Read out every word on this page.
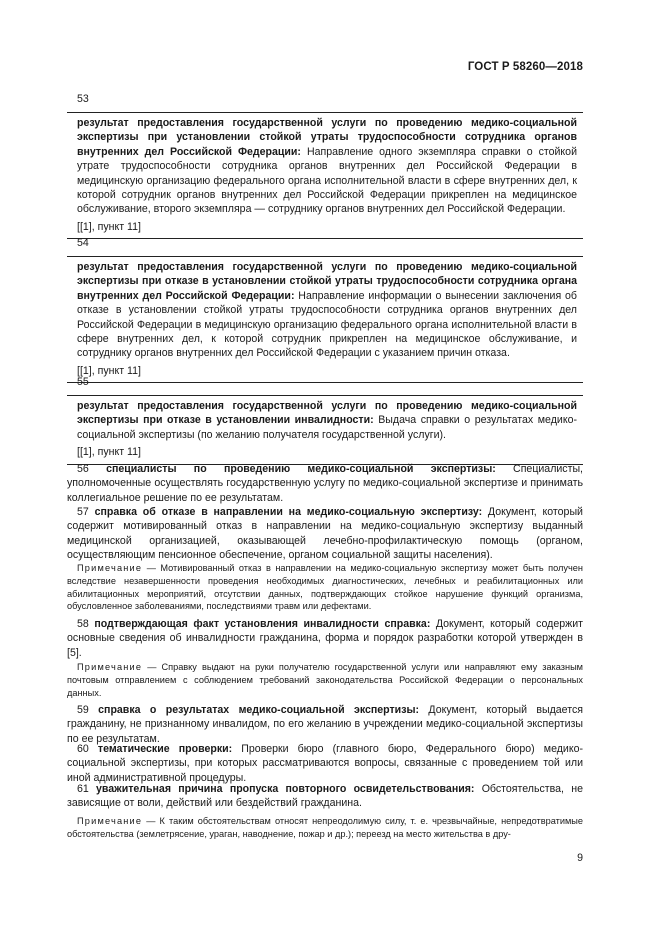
ГОСТ Р 58260—2018
53

результат предоставления государственной услуги по проведению медико-социальной экспертизы при установлении стойкой утраты трудоспособности сотрудника органов внутренних дел Российской Федерации: Направление одного экземпляра справки о стойкой утрате трудоспособности сотрудника органов внутренних дел Российской Федерации в медицинскую организацию федерального органа исполнительной власти в сфере внутренних дел, к которой сотрудник органов внутренних дел Российской Федерации прикреплен на медицинское обслуживание, второго экземпляра — сотруднику органов внутренних дел Российской Федерации.

[[1], пункт 11]
54

результат предоставления государственной услуги по проведению медико-социальной экспертизы при отказе в установлении стойкой утраты трудоспособности сотрудника органа внутренних дел Российской Федерации: Направление информации о вынесении заключения об отказе в установлении стойкой утраты трудоспособности сотрудника органов внутренних дел Российской Федерации в медицинскую организацию федерального органа исполнительной власти в сфере внутренних дел, к которой сотрудник прикреплен на медицинское обслуживание, и сотруднику органов внутренних дел Российской Федерации с указанием причин отказа.

[[1], пункт 11]
55

результат предоставления государственной услуги по проведению медико-социальной экспертизы при отказе в установлении инвалидности: Выдача справки о результатах медико-социальной экспертизы (по желанию получателя государственной услуги).

[[1], пункт 11]

56 специалисты по проведению медико-социальной экспертизы: Специалисты, уполномоченные осуществлять государственную услугу по медико-социальной экспертизе и принимать коллегиальное решение по ее результатам.

57 справка об отказе в направлении на медико-социальную экспертизу: Документ, который содержит мотивированный отказ в направлении на медико-социальную экспертизу выданный медицинской организацией, оказывающей лечебно-профилактическую помощь (органом, осуществляющим пенсионное обеспечение, органом социальной защиты населения).

Примечание — Мотивированный отказ в направлении на медико-социальную экспертизу может быть получен вследствие незавершенности проведения необходимых диагностических, лечебных и реабилитационных или абилитационных мероприятий, отсутствии данных, подтверждающих стойкое нарушение функций организма, обусловленное заболеваниями, последствиями травм или дефектами.

58 подтверждающая факт установления инвалидности справка: Документ, который содержит основные сведения об инвалидности гражданина, форма и порядок разработки которой утвержден в [5].

Примечание — Справку выдают на руки получателю государственной услуги или направляют ему заказным почтовым отправлением с соблюдением требований законодательства Российской Федерации о персональных данных.

59 справка о результатах медико-социальной экспертизы: Документ, который выдается гражданину, не признанному инвалидом, по его желанию в учреждении медико-социальной экспертизы по ее результатам.

60 тематические проверки: Проверки бюро (главного бюро, Федерального бюро) медико-социальной экспертизы, при которых рассматриваются вопросы, связанные с проведением той или иной административной процедуры.

61 уважительная причина пропуска повторного освидетельствования: Обстоятельства, не зависящие от воли, действий или бездействий гражданина.

Примечание — К таким обстоятельствам относят непреодолимую силу, т. е. чрезвычайные, непредотвратимые обстоятельства (землетрясение, ураган, наводнение, пожар и др.); переезд на место жительства в дру-

9
